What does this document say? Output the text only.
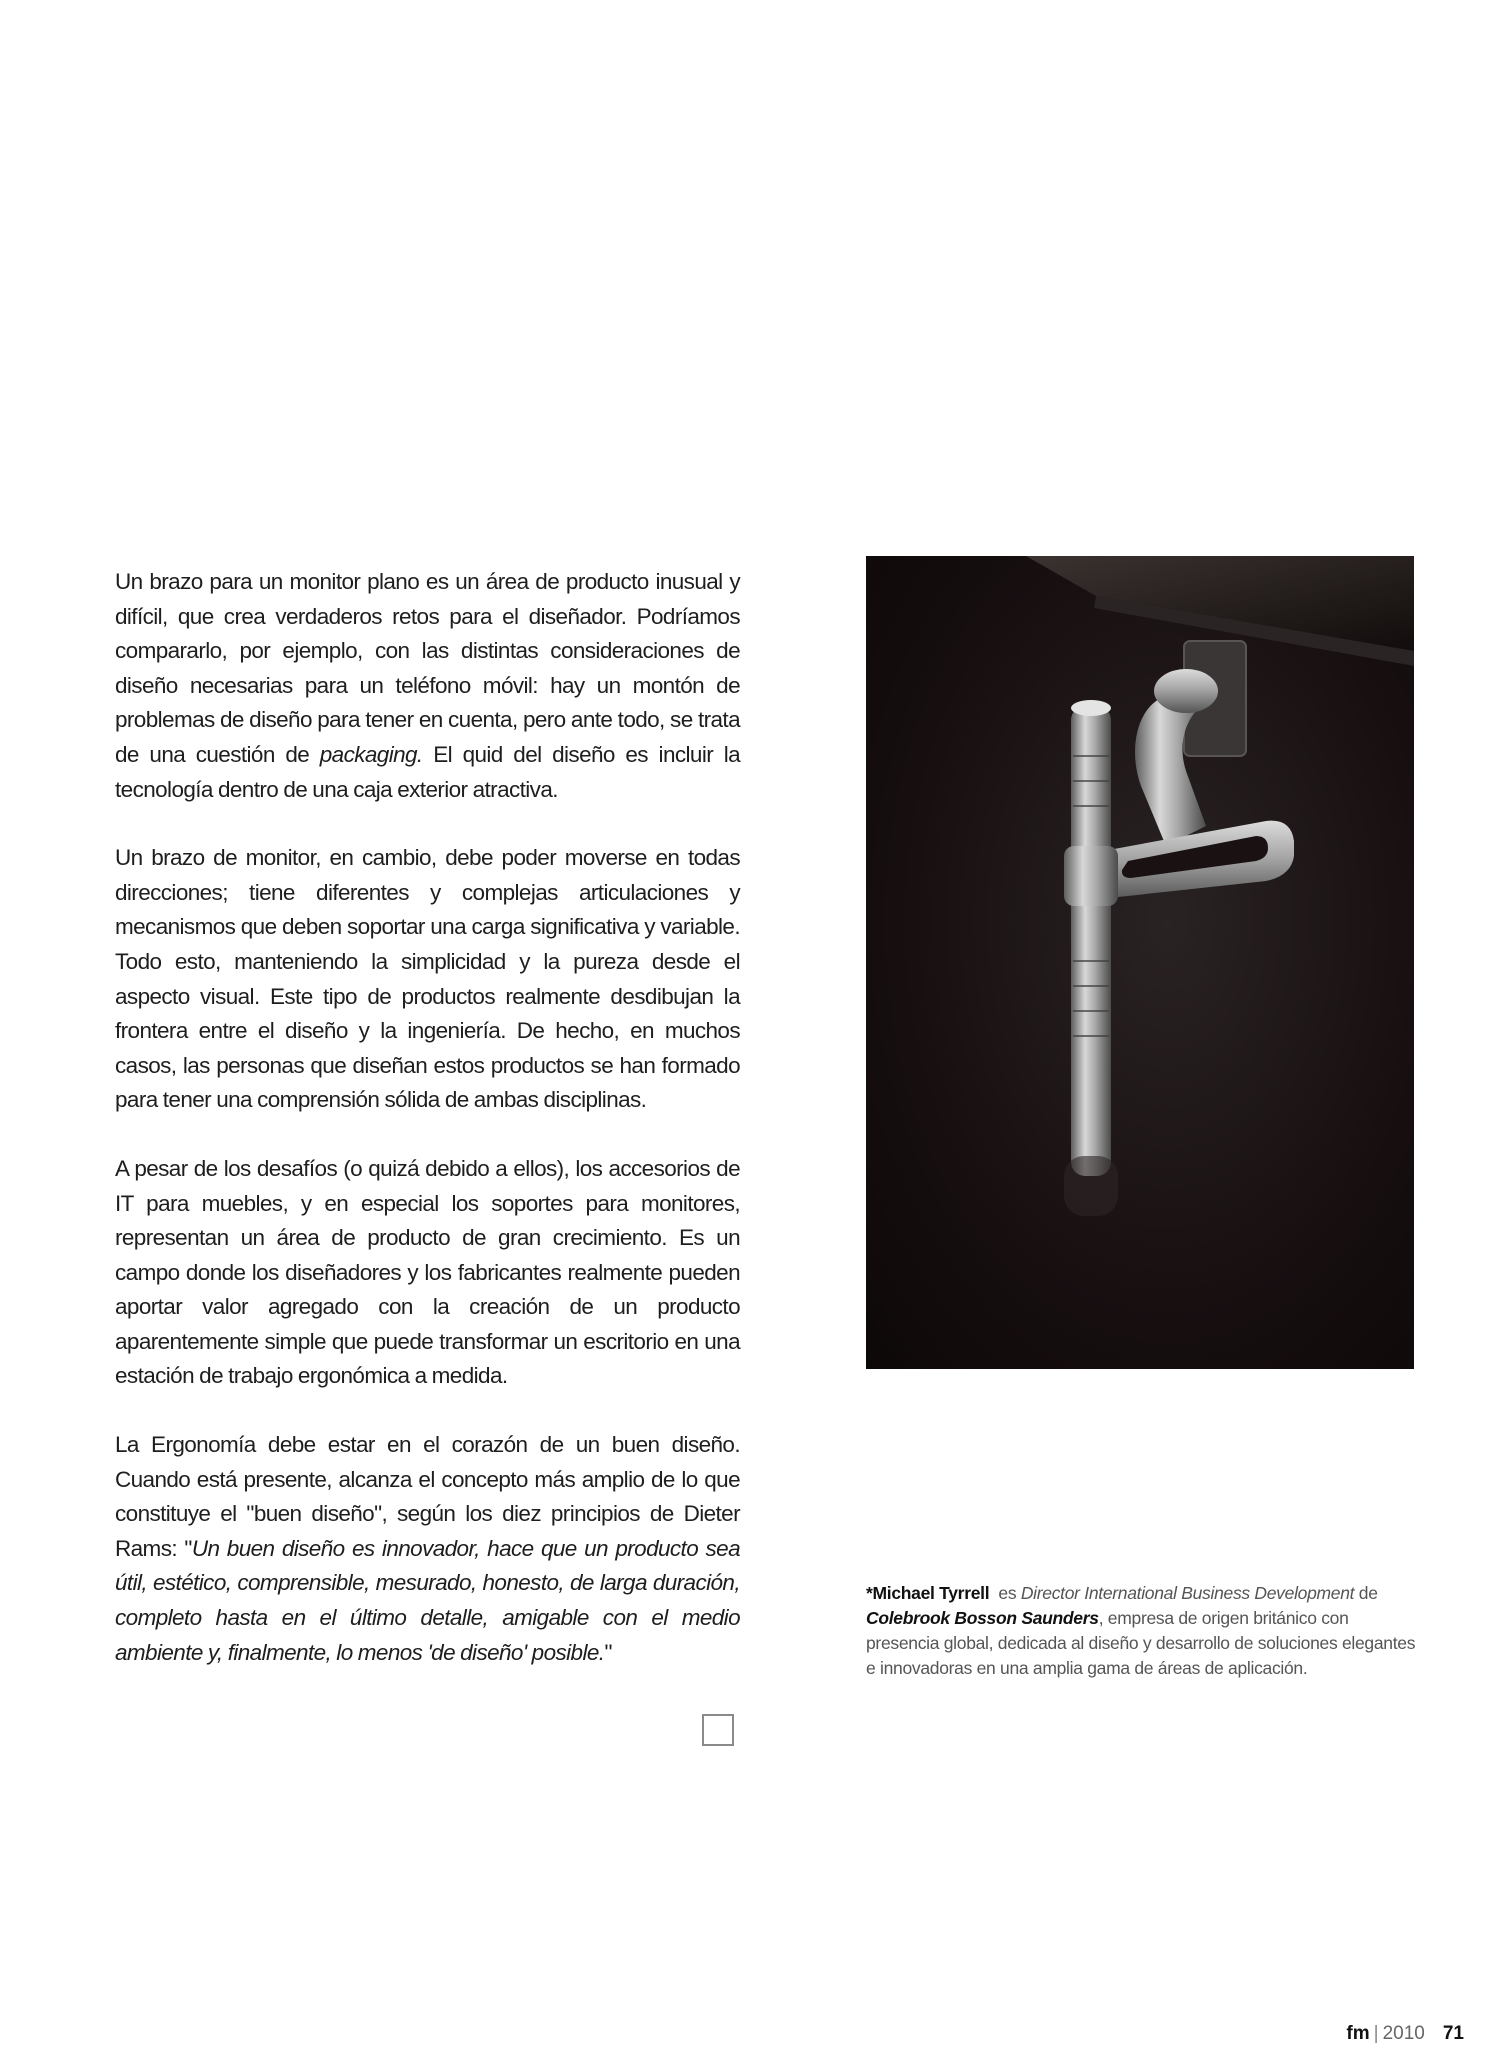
Un brazo para un monitor plano es un área de producto inusual y difícil, que crea verdaderos retos para el diseñador. Podríamos compararlo, por ejemplo, con las distintas consideraciones de diseño necesarias para un teléfono móvil: hay un montón de problemas de diseño para tener en cuenta, pero ante todo, se trata de una cuestión de packaging. El quid del diseño es incluir la tecnología dentro de una caja exterior atractiva.

Un brazo de monitor, en cambio, debe poder moverse en todas direcciones; tiene diferentes y complejas articulaciones y mecanismos que deben soportar una carga significativa y variable. Todo esto, manteniendo la simplicidad y la pureza desde el aspecto visual. Este tipo de productos realmente desdibujan la frontera entre el diseño y la ingeniería. De hecho, en muchos casos, las personas que diseñan estos productos se han formado para tener una comprensión sólida de ambas disciplinas.

A pesar de los desafíos (o quizá debido a ellos), los accesorios de IT para muebles, y en especial los soportes para monitores, representan un área de producto de gran crecimiento. Es un campo donde los diseñadores y los fabricantes realmente pueden aportar valor agregado con la creación de un producto aparentemente simple que puede transformar un escritorio en una estación de trabajo ergonómica a medida.

La Ergonomía debe estar en el corazón de un buen diseño. Cuando está presente, alcanza el concepto más amplio de lo que constituye el "buen diseño", según los diez principios de Dieter Rams: "Un buen diseño es innovador, hace que un producto sea útil, estético, comprensible, mesurado, honesto, de larga duración, completo hasta en el último detalle, amigable con el medio ambiente y, finalmente, lo menos 'de diseño' posible."

*Michael Tyrrell es Director International Business Development de Colebrook Bosson Saunders, empresa de origen británico con presencia global, dedicada al diseño y desarrollo de soluciones elegantes e innovadoras en una amplia gama de áreas de aplicación.
fm | 2010 71
